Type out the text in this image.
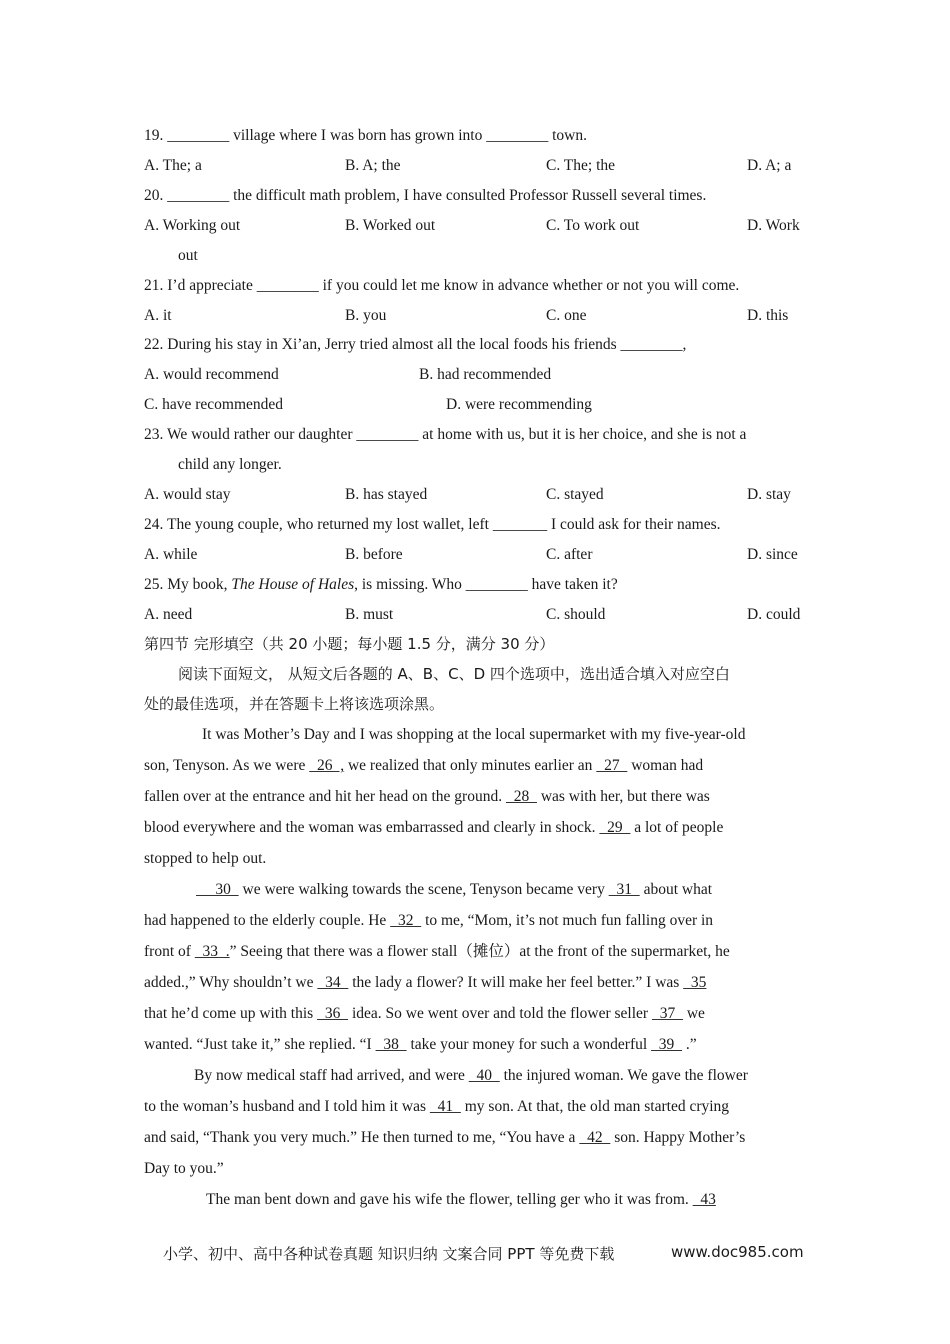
19. ________ village where I was born has grown into ________ town.
A. The; a	B. A; the	C. The; the	D. A; a
20. ________ the difficult math problem, I have consulted Professor Russell several times.
A. Working out	B. Worked out	C. To work out	D. Work
out
21. I’d appreciate ________ if you could let me know in advance whether or not you will come.
A. it	B. you	C. one	D. this
22. During his stay in Xi’an, Jerry tried almost all the local foods his friends ________,
A. would recommend	B. had recommended
C. have recommended	D. were recommending
23. We would rather our daughter ________ at home with us, but it is her choice, and she is not a
child any longer.
A. would stay	B. has stayed	C. stayed	D. stay
24. The young couple, who returned my lost wallet, left _______ I could ask for their names.
A. while	B. before	C. after	D. since
25. My book, The House of Hales, is missing. Who ________ have taken it?
A. need	B. must	C. should	D. could
第四节 完形填空（共 20 小题；每小题 1.5 分，满分 30 分）
阅读下面短文， 从短文后各题的 A、B、C、D 四个选项中，选出适合填入对应空白
处的最佳选项，并在答题卡上将该选项涂黑。
It was Mother’s Day and I was shopping at the local supermarket with my five-year-old
son, Tenyson. As we were   26  , we realized that only minutes earlier an   27   woman had
fallen over at the entrance and hit her head on the ground.   28   was with her, but there was
blood everywhere and the woman was embarrassed and clearly in shock.   29   a lot of people
stopped to help out.
30   we were walking towards the scene, Tenyson became very   31   about what
had happened to the elderly couple. He   32   to me, “Mom, it’s not much fun falling over in
front of   33  .” Seeing that there was a flower stall（摊位）at the front of the supermarket, he
added.,” Why shouldn’t we   34   the lady a flower? It will make her feel better.” I was   35
that he’d come up with this   36   idea. So we went over and told the flower seller   37   we
wanted. “Just take it,” she replied. “I   38   take your money for such a wonderful   39   .”
By now medical staff had arrived, and were   40   the injured woman. We gave the flower
to the woman’s husband and I told him it was   41   my son. At that, the old man started crying
and said, “Thank you very much.” He then turned to me, “You have a   42   son. Happy Mother’s
Day to you.”
The man bent down and gave his wife the flower, telling ger who it was from.   43
小学、初中、高中各种试卷真题 知识归纳 文案合同 PPT 等免费下载	www.doc985.com
